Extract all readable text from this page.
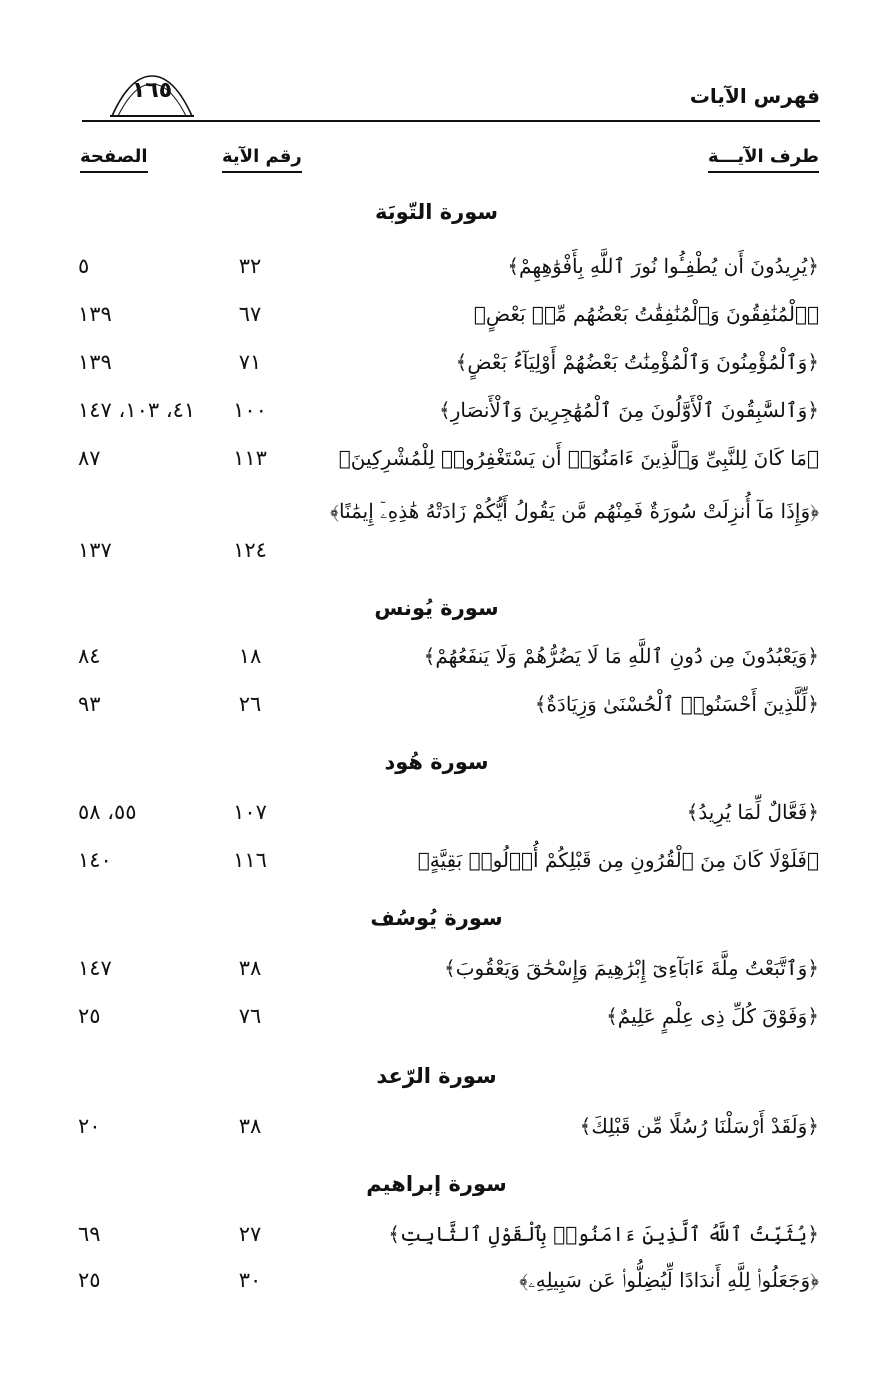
١٦٥	فهرس الآيات
طرف الآيـــة
رقم الآية
الصفحة
سورة التّوبَة
﴿يُرِيدُونَ أَن يُطْفِـُٔوا نُورَ ٱللَّهِ بِأَفْوَٰهِهِمْ﴾
٣٢
٥
﴿ٱلْمُنَٰفِقُونَ وَٱلْمُنَٰفِقَٰتُ بَعْضُهُم مِّنۢ بَعْضٍ﴾
٦٧
١٣٩
﴿وَٱلْمُؤْمِنُونَ وَٱلْمُؤْمِنَٰتُ بَعْضُهُمْ أَوْلِيَآءُ بَعْضٍ﴾
٧١
١٣٩
﴿وَٱلسَّٰبِقُونَ ٱلْأَوَّلُونَ مِنَ ٱلْمُهَٰجِرِينَ وَٱلْأَنصَارِ﴾
١٠٠
٤١، ١٠٣، ١٤٧
﴿مَا كَانَ لِلنَّبِىِّ وَٱلَّذِينَ ءَامَنُوٓا۟ أَن يَسْتَغْفِرُوا۟ لِلْمُشْرِكِينَ﴾
١١٣
٨٧
﴿وَإِذَا مَآ أُنزِلَتْ سُورَةٌ فَمِنْهُم مَّن يَقُولُ أَيُّكُمْ زَادَتْهُ هَٰذِهِۦٓ إِيمَٰنًا﴾
١٢٤
١٣٧
سورة يُونس
﴿وَيَعْبُدُونَ مِن دُونِ ٱللَّهِ مَا لَا يَضُرُّهُمْ وَلَا يَنفَعُهُمْ﴾
١٨
٨٤
﴿لِّلَّذِينَ أَحْسَنُوا۟ ٱلْحُسْنَىٰ وَزِيَادَةٌ﴾
٢٦
٩٣
سورة هُود
﴿فَعَّالٌ لِّمَا يُرِيدُ﴾
١٠٧
٥٥، ٥٨
﴿فَلَوْلَا كَانَ مِنَ ٱلْقُرُونِ مِن قَبْلِكُمْ أُو۟لُوا۟ بَقِيَّةٍ﴾
١١٦
١٤٠
سورة يُوسُف
﴿وَٱتَّبَعْتُ مِلَّةَ ءَابَآءِىٓ إِبْرَٰهِيمَ وَإِسْحَٰقَ وَيَعْقُوبَ﴾
٣٨
١٤٧
﴿وَفَوْقَ كُلِّ ذِى عِلْمٍ عَلِيمٌ﴾
٧٦
٢٥
سورة الرّعد
﴿وَلَقَدْ أَرْسَلْنَا رُسُلًا مِّن قَبْلِكَ﴾
٣٨
٢٠
سورة إبراهيم
﴿يُثَبِّتُ ٱللَّهُ ٱلَّذِينَ ءَامَنُوا۟ بِٱلْقَوْلِ ٱلثَّابِتِ﴾
٢٧
٦٩
﴿وَجَعَلُوا۟ لِلَّهِ أَندَادًا لِّيُضِلُّوا۟ عَن سَبِيلِهِۦ﴾
٣٠
٢٥
